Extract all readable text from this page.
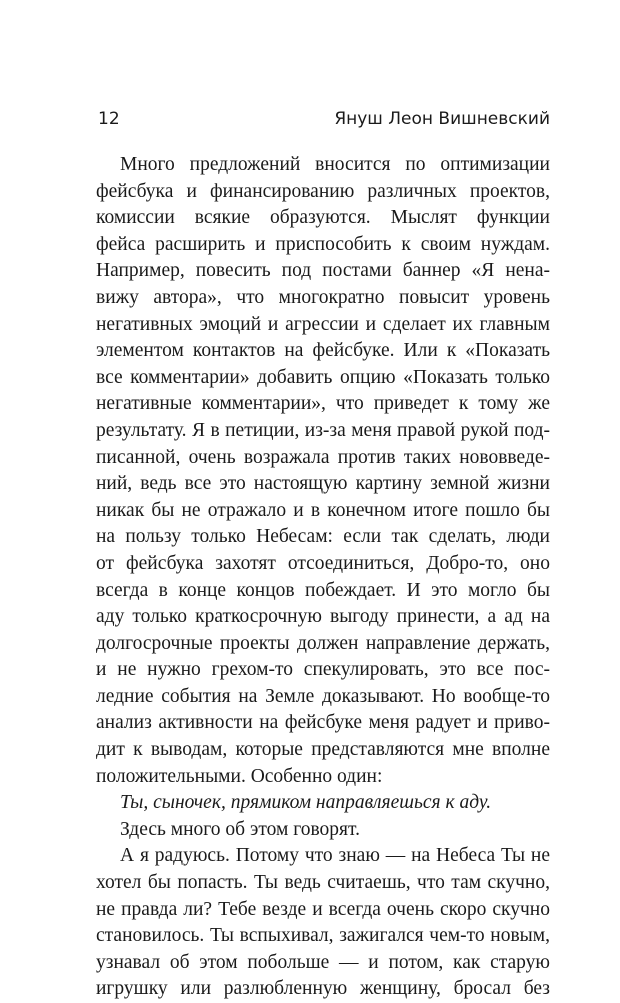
12	Януш Леон Вишневский
Много предложений вносится по оптимизации
фейсбука и финансированию различных проектов,
комиссии всякие образуются. Мыслят функции
фейса расширить и приспособить к своим нуждам.
Например, повесить под постами баннер «Я нена-
вижу автора», что многократно повысит уровень
негативных эмоций и агрессии и сделает их главным
элементом контактов на фейсбуке. Или к «Показать
все комментарии» добавить опцию «Показать только
негативные комментарии», что приведет к тому же
результату. Я в петиции, из-за меня правой рукой под-
писанной, очень возражала против таких нововведе-
ний, ведь все это настоящую картину земной жизни
никак бы не отражало и в конечном итоге пошло бы
на пользу только Небесам: если так сделать, люди
от фейсбука захотят отсоединиться, Добро-то, оно
всегда в конце концов побеждает. И это могло бы
аду только краткосрочную выгоду принести, а ад на
долгосрочные проекты должен направление держать,
и не нужно грехом-то спекулировать, это все пос-
ледние события на Земле доказывают. Но вообще-то
анализ активности на фейсбуке меня радует и приво-
дит к выводам, которые представляются мне вполне
положительными. Особенно один:
Ты, сыночек, прямиком направляешься к аду.
Здесь много об этом говорят.
А я радуюсь. Потому что знаю — на Небеса Ты не
хотел бы попасть. Ты ведь считаешь, что там скучно,
не правда ли? Тебе везде и всегда очень скоро скучно
становилось. Ты вспыхивал, зажигался чем-то новым,
узнавал об этом побольше — и потом, как старую
игрушку или разлюбленную женщину, бросал без
